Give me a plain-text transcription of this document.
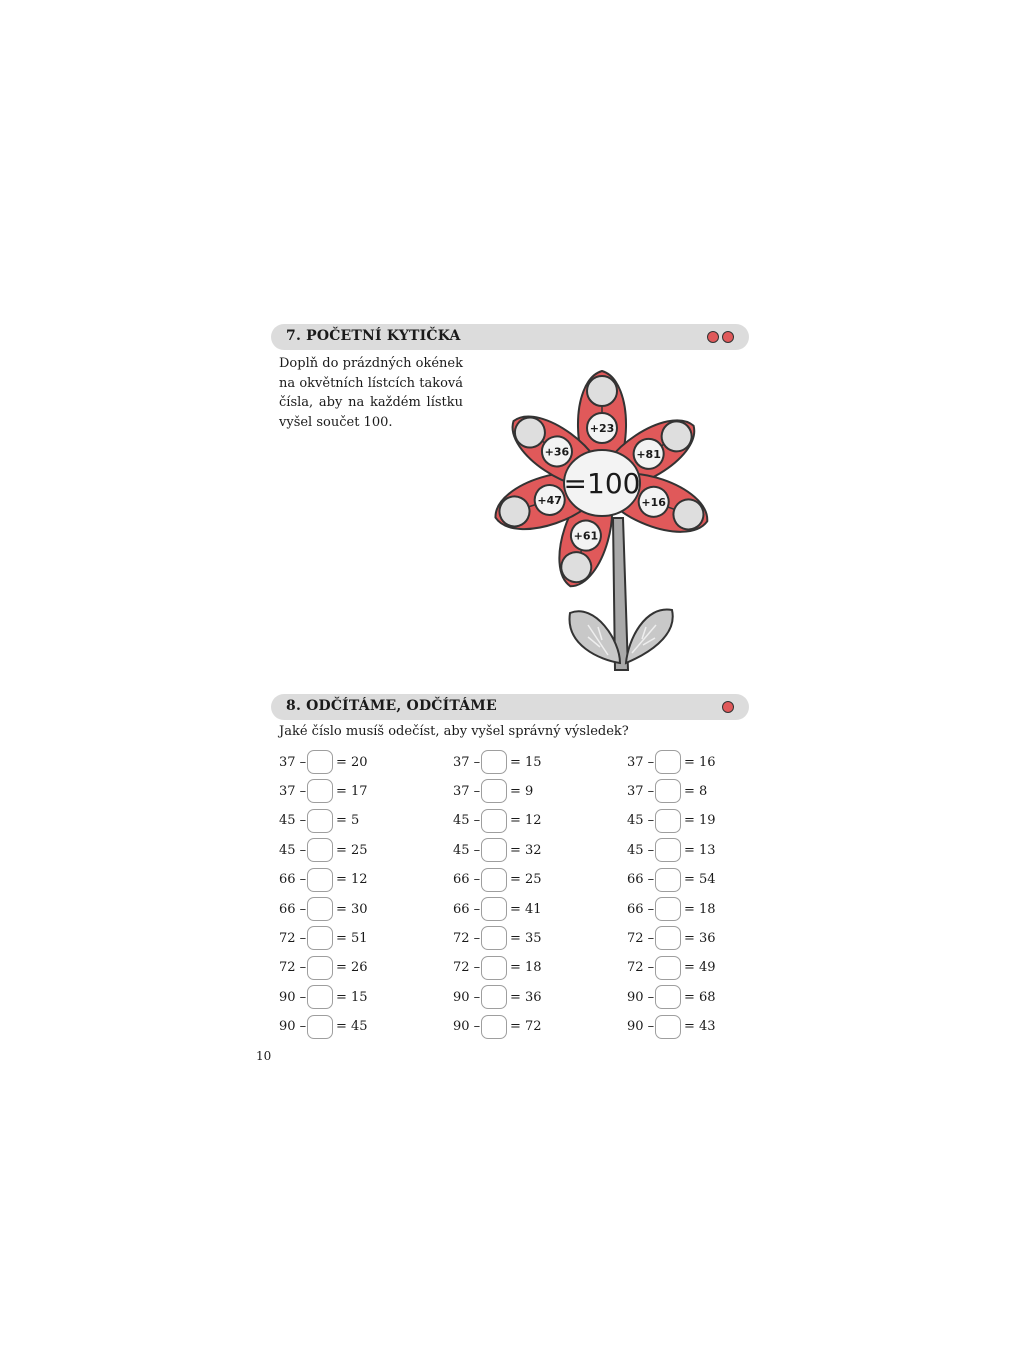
7. POČETNÍ KYTIČKA
Doplň do prázdných okének na okvětních lístcích taková čísla, aby na každém lístku vyšel součet 100.	+23
+81
+16
+61
+47
+36
=100
8. ODČÍTÁME, ODČÍTÁME
Jaké číslo musíš odečíst, aby vyšel správný výsledek?
37 – = 20
37 – = 17
45 – = 5
45 – = 25
66 – = 12
66 – = 30
72 – = 51
72 – = 26
90 – = 15
90 – = 45
37 – = 15
37 – = 9
45 – = 12
45 – = 32
66 – = 25
66 – = 41
72 – = 35
72 – = 18
90 – = 36
90 – = 72
37 – = 16
37 – = 8
45 – = 19
45 – = 13
66 – = 54
66 – = 18
72 – = 36
72 – = 49
90 – = 68
90 – = 43
10
